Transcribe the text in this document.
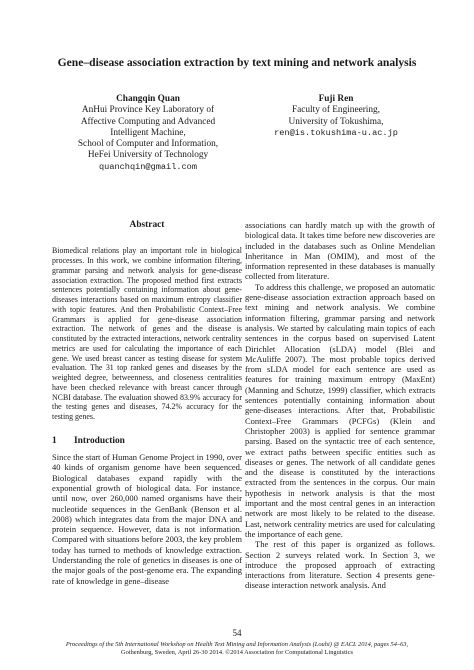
Gene–disease association extraction by text mining and network analysis
Changqin Quan
AnHui Province Key Laboratory of
Affective Computing and Advanced
Intelligent Machine,
School of Computer and Information,
HeFei University of Technology
quanchqin@gmail.com
Fuji Ren
Faculty of Engineering,
University of Tokushima,
ren@is.tokushima-u.ac.jp
Abstract

Biomedical relations play an important role in biological processes. In this work, we combine information filtering, grammar parsing and network analysis for gene-disease association extraction. The proposed method first extracts sentences potentially containing information about gene-diseases interactions based on maximum entropy classifier with topic features. And then Probabilistic Context–Free Grammars is applied for gene-disease association extraction. The network of genes and the disease is constituted by the extracted interactions, network centrality metrics are used for calculating the importance of each gene. We used breast cancer as testing disease for system evaluation. The 31 top ranked genes and diseases by the weighted degree, betweenness, and closeness centralities have been checked relevance with breast cancer through NCBI database. The evaluation showed 83.9% accuracy for the testing genes and diseases, 74.2% accuracy for the testing genes.

1 Introduction

Since the start of Human Genome Project in 1990, over 40 kinds of organism genome have been sequenced. Biological databases expand rapidly with the exponential growth of biological data. For instance, until now, over 260,000 named organisms have their nucleotide sequences in the GenBank (Benson et al. 2008) which integrates data from the major DNA and protein sequence. However, data is not information. Compared with situations before 2003, the key problem today has turned to methods of knowledge extraction. Understanding the role of genetics in diseases is one of the major goals of the post-genome era. The expanding rate of knowledge in gene–disease

associations can hardly match up with the growth of biological data. It takes time before new discoveries are included in the databases such as Online Mendelian Inheritance in Man (OMIM), and most of the information represented in these databases is manually collected from literature.

To address this challenge, we proposed an automatic gene-disease association extraction approach based on text mining and network analysis. We combine information filtering, grammar parsing and network analysis. We started by calculating main topics of each sentences in the corpus based on supervised Latent Dirichlet Allocation (sLDA) model (Blei and McAuliffe 2007). The most probable topics derived from sLDA model for each sentence are used as features for training maximum entropy (MaxEnt) (Manning and Schutze, 1999) classifier, which extracts sentences potentially containing information about gene-diseases interactions. After that, Probabilistic Context–Free Grammars (PCFGs) (Klein and Christopher 2003) is applied for sentence grammar parsing. Based on the syntactic tree of each sentence, we extract paths between specific entities such as diseases or genes. The network of all candidate genes and the disease is constituted by the interactions extracted from the sentences in the corpus. Our main hypothesis in network analysis is that the most important and the most central genes in an interaction network are most likely to be related to the disease. Last, network centrality metrics are used for calculating the importance of each gene.

The rest of this paper is organized as follows. Section 2 surveys related work. In Section 3, we introduce the proposed approach of extracting interactions from literature. Section 4 presents gene-disease interaction network analysis. And

54
Proceedings of the 5th International Workshop on Health Text Mining and Information Analysis (Louhi) @ EACL 2014, pages 54–63,
Gothenburg, Sweden, April 26-30 2014. ©2014 Association for Computational Linguistics
